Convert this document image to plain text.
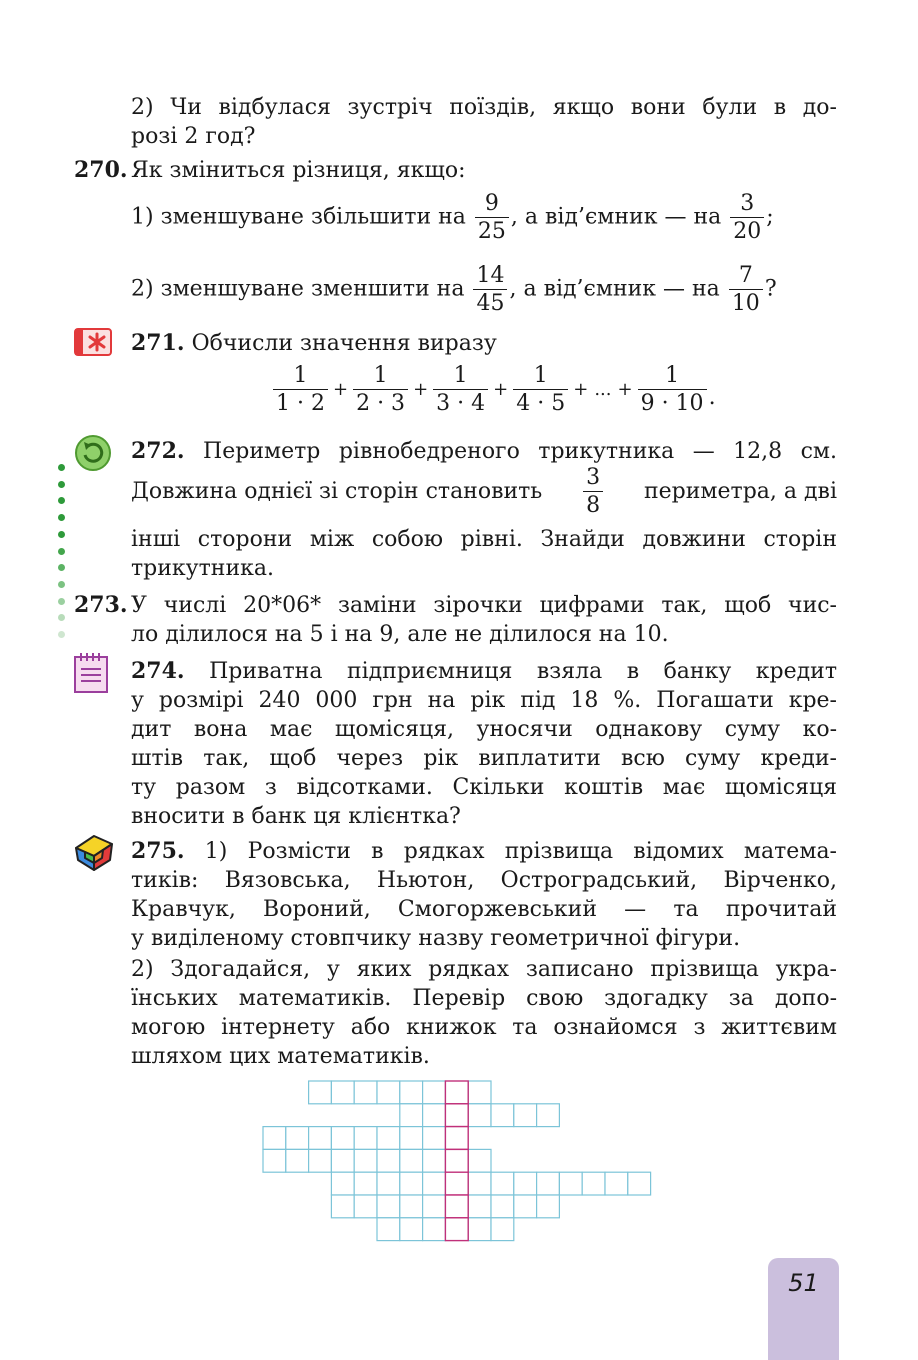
2) Чи відбулася зустріч поїздів, якщо вони були в до-
розі 2 год?
270. Як зміниться різниця, якщо:
1) зменшуване збільшити на $\frac{9}{25}$ , а від’ємник — на $\frac{3}{20}$ ;
2) зменшуване зменшити на $\frac{14}{45}$ , а від’ємник — на $\frac{7}{10}$ ?
271. Обчисли значення виразу
$\frac{1}{1 \cdot 2} + \frac{1}{2 \cdot 3} + \frac{1}{3 \cdot 4} + \frac{1}{4 \cdot 5}$ + ... + $\frac{1}{9 \cdot 10}$ .
272. Периметр рівнобедреного трикутника — 12,8 см.
Довжина однієї зі сторін становить $\frac{3}{8}$ периметра, а дві
інші сторони між собою рівні. Знайди довжини сторін
трикутника.
273. У числі 20*06* заміни зірочки цифрами так, щоб чис-
ло ділилося на 5 і на 9, але не ділилося на 10.
274. Приватна підприємниця взяла в банку кредит
у розмірі 240 000 грн на рік під 18 %. Погашати кре-
дит вона має щомісяця, уносячи однакову суму ко-
штів так, щоб через рік виплатити всю суму креди-
ту разом з відсотками. Скільки коштів має щомісяця
вносити в банк ця клієнтка?
275. 1) Розмісти в рядках прізвища відомих матема-
тиків: Вязовська, Ньютон, Остроградський, Вірченко,
Кравчук, Вороний, Смогоржевський — та прочитай
у виділеному стовпчику назву геометричної фігури.
2) Здогадайся, у яких рядках записано прізвища укра-
їнських математиків. Перевір свою здогадку за допо-
могою інтернету або книжок та ознайомся з життєвим
шляхом цих математиків.
51
